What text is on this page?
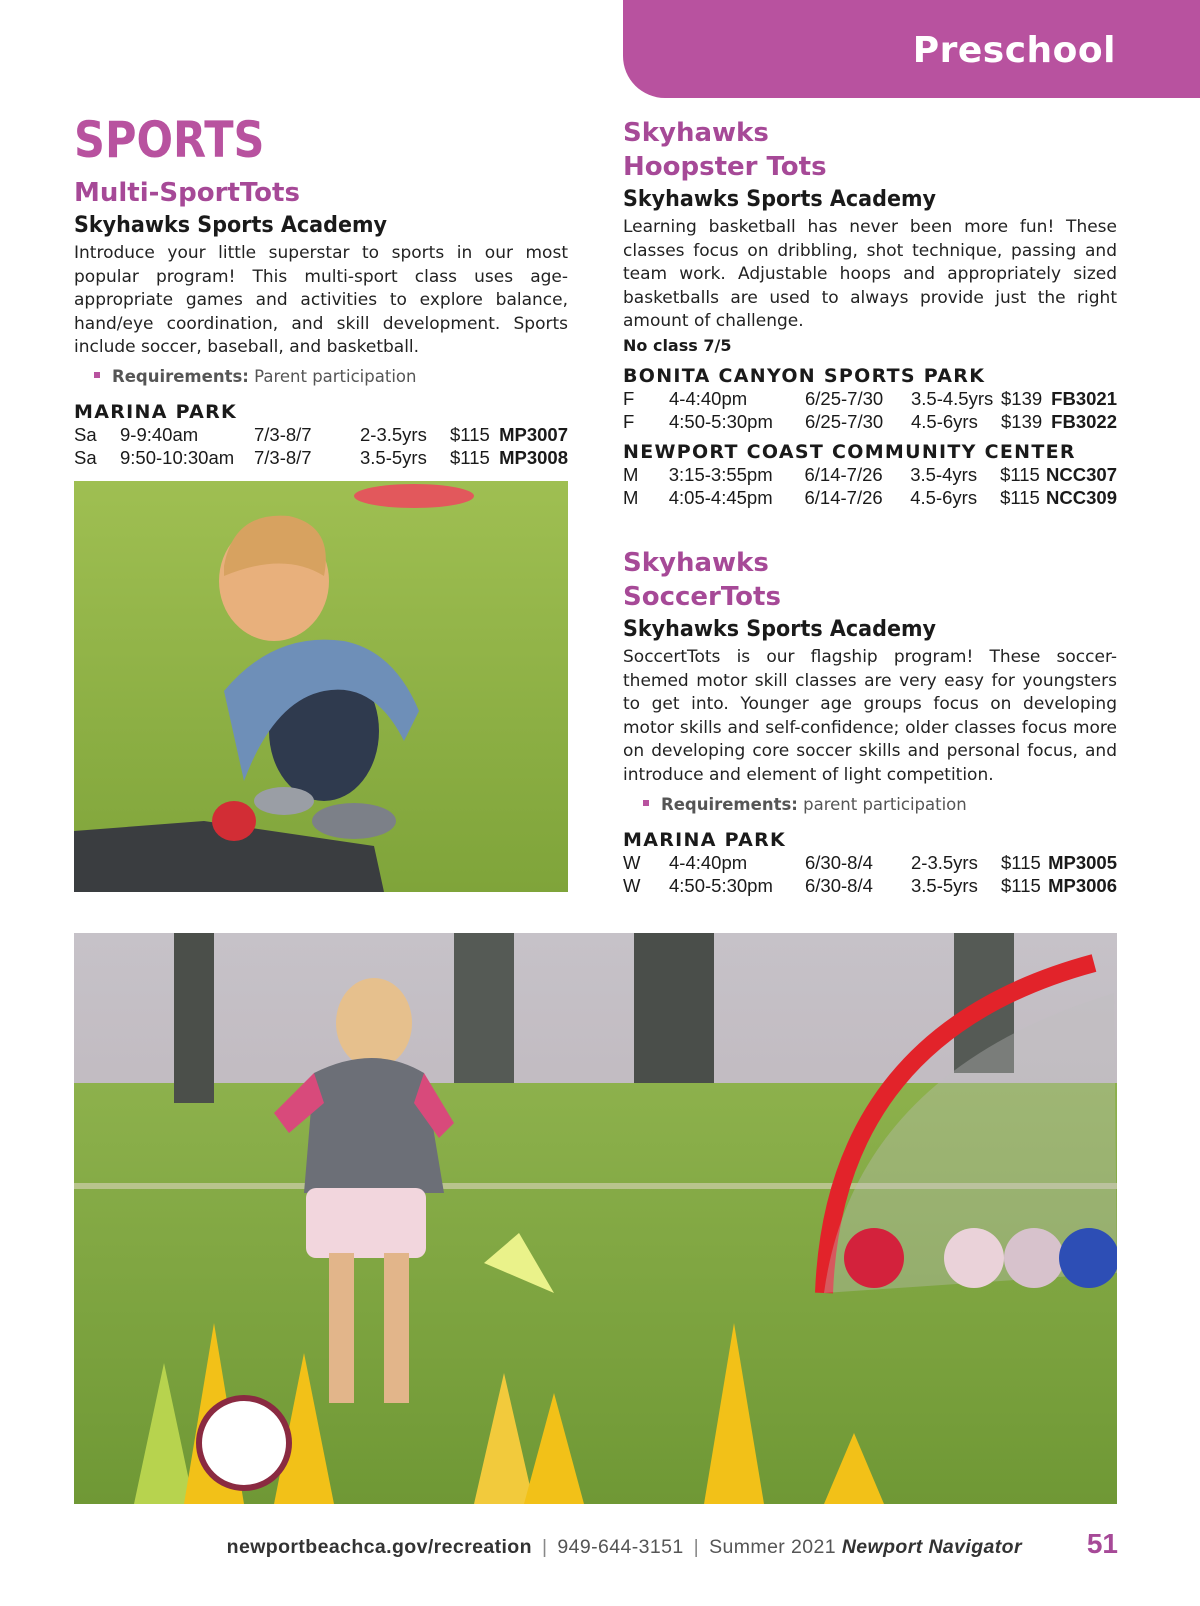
Preschool
SPORTS
Multi-SportTots
Skyhawks Sports Academy

Introduce your little superstar to sports in our most popular program! This multi-sport class uses age-appropriate games and activities to explore balance, hand/eye coordination, and skill development. Sports include soccer, baseball, and basketball.

Requirements: Parent participation
MARINA PARK
Sa	9-9:40am	7/3-8/7	2-3.5yrs	$115	MP3007
Sa	9:50-10:30am	7/3-8/7	3.5-5yrs	$115	MP3008
Skyhawks
Hoopster Tots
Skyhawks Sports Academy

Learning basketball has never been more fun! These classes focus on dribbling, shot technique, passing and team work. Adjustable hoops and appropriately sized basketballs are used to always provide just the right amount of challenge.

No class 7/5
BONITA CANYON SPORTS PARK
F	4-4:40pm	6/25-7/30	3.5-4.5yrs	$139	FB3021
F	4:50-5:30pm	6/25-7/30	4.5-6yrs	$139	FB3022
NEWPORT COAST COMMUNITY CENTER
M	3:15-3:55pm	6/14-7/26	3.5-4yrs	$115	NCC307
M	4:05-4:45pm	6/14-7/26	4.5-6yrs	$115	NCC309
Skyhawks
SoccerTots
Skyhawks Sports Academy

SoccertTots is our flagship program! These soccer-themed motor skill classes are very easy for youngsters to get into. Younger age groups focus on developing motor skills and self-confidence; older classes focus more on developing core soccer skills and personal focus, and introduce and element of light competition.

Requirements: parent participation
MARINA PARK
W	4-4:40pm	6/30-8/4	2-3.5yrs	$115	MP3005
W	4:50-5:30pm	6/30-8/4	3.5-5yrs	$115	MP3006
newportbeachca.gov/recreation | 949-644-3151 | Summer 2021 Newport Navigator 51
